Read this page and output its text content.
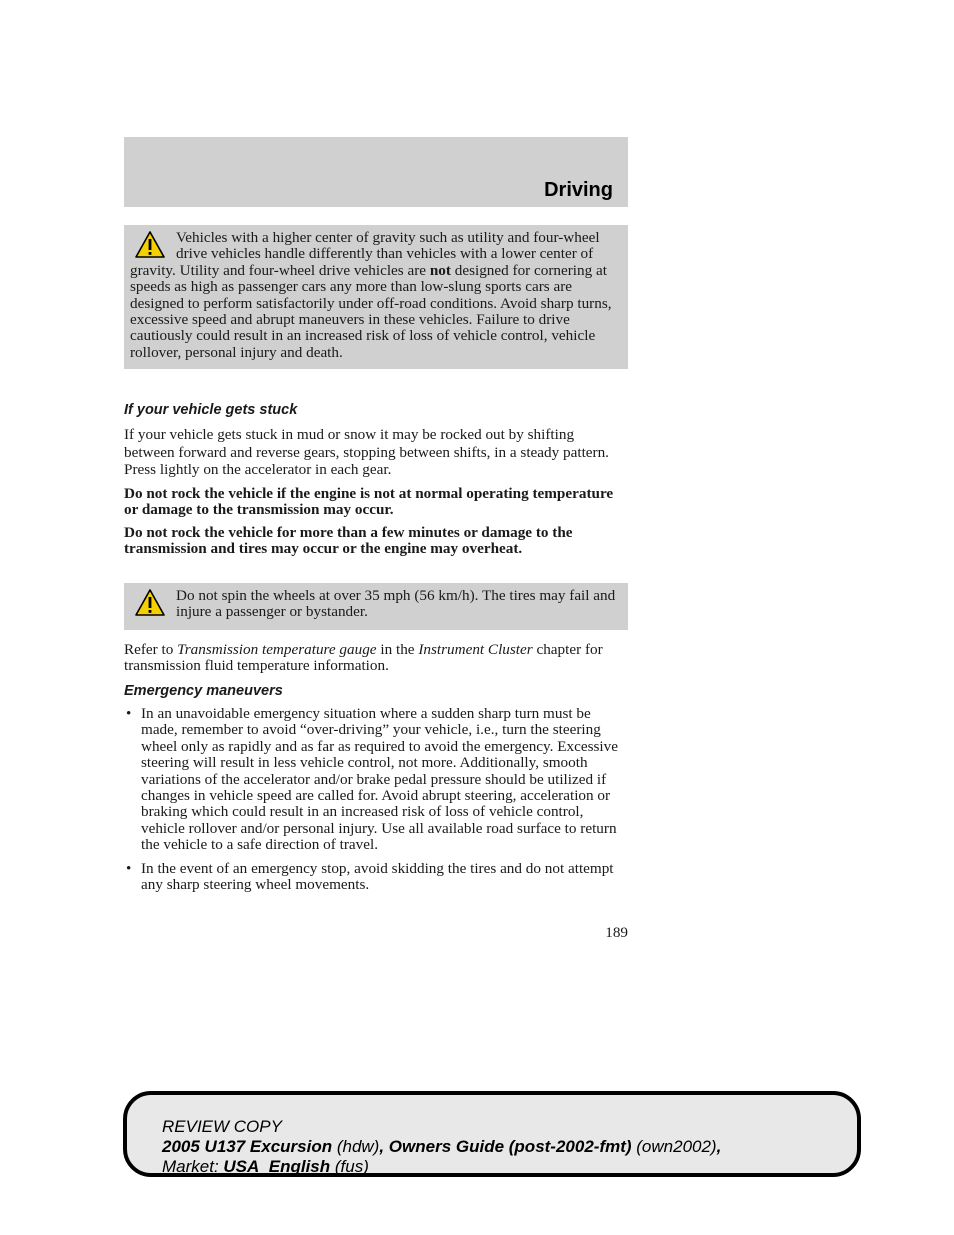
Driving

Vehicles with a higher center of gravity such as utility and four-wheel drive vehicles handle differently than vehicles with a lower center of gravity. Utility and four-wheel drive vehicles are not designed for cornering at speeds as high as passenger cars any more than low-slung sports cars are designed to perform satisfactorily under off-road conditions. Avoid sharp turns, excessive speed and abrupt maneuvers in these vehicles. Failure to drive cautiously could result in an increased risk of loss of vehicle control, vehicle rollover, personal injury and death.

If your vehicle gets stuck

If your vehicle gets stuck in mud or snow it may be rocked out by shifting between forward and reverse gears, stopping between shifts, in a steady pattern. Press lightly on the accelerator in each gear.

Do not rock the vehicle if the engine is not at normal operating temperature or damage to the transmission may occur.

Do not rock the vehicle for more than a few minutes or damage to the transmission and tires may occur or the engine may overheat.

Do not spin the wheels at over 35 mph (56 km/h). The tires may fail and injure a passenger or bystander.

Refer to Transmission temperature gauge in the Instrument Cluster chapter for transmission fluid temperature information.

Emergency maneuvers
• In an unavoidable emergency situation where a sudden sharp turn must be made, remember to avoid “over-driving” your vehicle, i.e., turn the steering wheel only as rapidly and as far as required to avoid the emergency. Excessive steering will result in less vehicle control, not more. Additionally, smooth variations of the accelerator and/or brake pedal pressure should be utilized if changes in vehicle speed are called for. Avoid abrupt steering, acceleration or braking which could result in an increased risk of loss of vehicle control, vehicle rollover and/or personal injury. Use all available road surface to return the vehicle to a safe direction of travel.
• In the event of an emergency stop, avoid skidding the tires and do not attempt any sharp steering wheel movements.
189
REVIEW COPY
2005 U137 Excursion (hdw), Owners Guide (post-2002-fmt) (own2002),
Market: USA_English (fus)
